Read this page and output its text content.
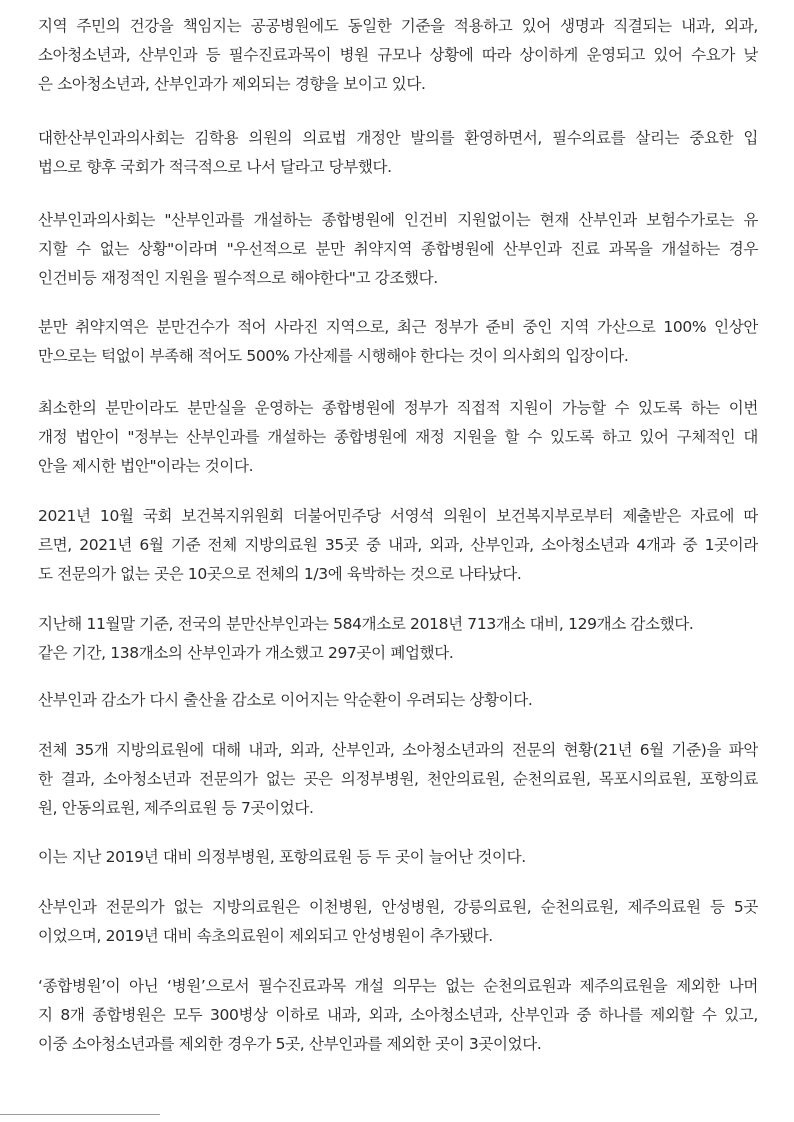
지역 주민의 건강을 책임지는 공공병원에도 동일한 기준을 적용하고 있어 생명과 직결되는 내과, 외과,
소아청소년과, 산부인과 등 필수진료과목이 병원 규모나 상황에 따라 상이하게 운영되고 있어 수요가 낮
은 소아청소년과, 산부인과가 제외되는 경향을 보이고 있다.
대한산부인과의사회는 김학용 의원의 의료법 개정안 발의를 환영하면서, 필수의료를 살리는 중요한 입
법으로 향후 국회가 적극적으로 나서 달라고 당부했다.
산부인과의사회는 "산부인과를 개설하는 종합병원에 인건비 지원없이는 현재 산부인과 보험수가로는 유
지할 수 없는 상황"이라며 "우선적으로 분만 취약지역 종합병원에 산부인과 진료 과목을 개설하는 경우
인건비등 재정적인 지원을 필수적으로 해야한다"고 강조했다.
분만 취약지역은 분만건수가 적어 사라진 지역으로, 최근 정부가 준비 중인 지역 가산으로 100% 인상안
만으로는 턱없이 부족해 적어도 500% 가산제를 시행해야 한다는 것이 의사회의 입장이다.
최소한의 분만이라도 분만실을 운영하는 종합병원에 정부가 직접적 지원이 가능할 수 있도록 하는 이번
개정 법안이 "정부는 산부인과를 개설하는 종합병원에 재정 지원을 할 수 있도록 하고 있어 구체적인 대
안을 제시한 법안"이라는 것이다.
2021년 10월 국회 보건복지위원회 더불어민주당 서영석 의원이 보건복지부로부터 제출받은 자료에 따
르면, 2021년 6월 기준 전체 지방의료원 35곳 중 내과, 외과, 산부인과, 소아청소년과 4개과 중 1곳이라
도 전문의가 없는 곳은 10곳으로 전체의 1/3에 육박하는 것으로 나타났다.
지난해 11월말 기준, 전국의 분만산부인과는 584개소로 2018년 713개소 대비, 129개소 감소했다.
같은 기간, 138개소의 산부인과가 개소했고 297곳이 폐업했다.
산부인과 감소가 다시 출산율 감소로 이어지는 악순환이 우려되는 상황이다.
전체 35개 지방의료원에 대해 내과, 외과, 산부인과, 소아청소년과의 전문의 현황(21년 6월 기준)을 파악
한 결과, 소아청소년과 전문의가 없는 곳은 의정부병원, 천안의료원, 순천의료원, 목포시의료원, 포항의료
원, 안동의료원, 제주의료원 등 7곳이었다.
이는 지난 2019년 대비 의정부병원, 포항의료원 등 두 곳이 늘어난 것이다.
산부인과 전문의가 없는 지방의료원은 이천병원, 안성병원, 강릉의료원, 순천의료원, 제주의료원 등 5곳
이었으며, 2019년 대비 속초의료원이 제외되고 안성병원이 추가됐다.
‘종합병원’이 아닌 ‘병원’으로서 필수진료과목 개설 의무는 없는 순천의료원과 제주의료원을 제외한 나머
지 8개 종합병원은 모두 300병상 이하로 내과, 외과, 소아청소년과, 산부인과 중 하나를 제외할 수 있고,
이중 소아청소년과를 제외한 경우가 5곳, 산부인과를 제외한 곳이 3곳이었다.
